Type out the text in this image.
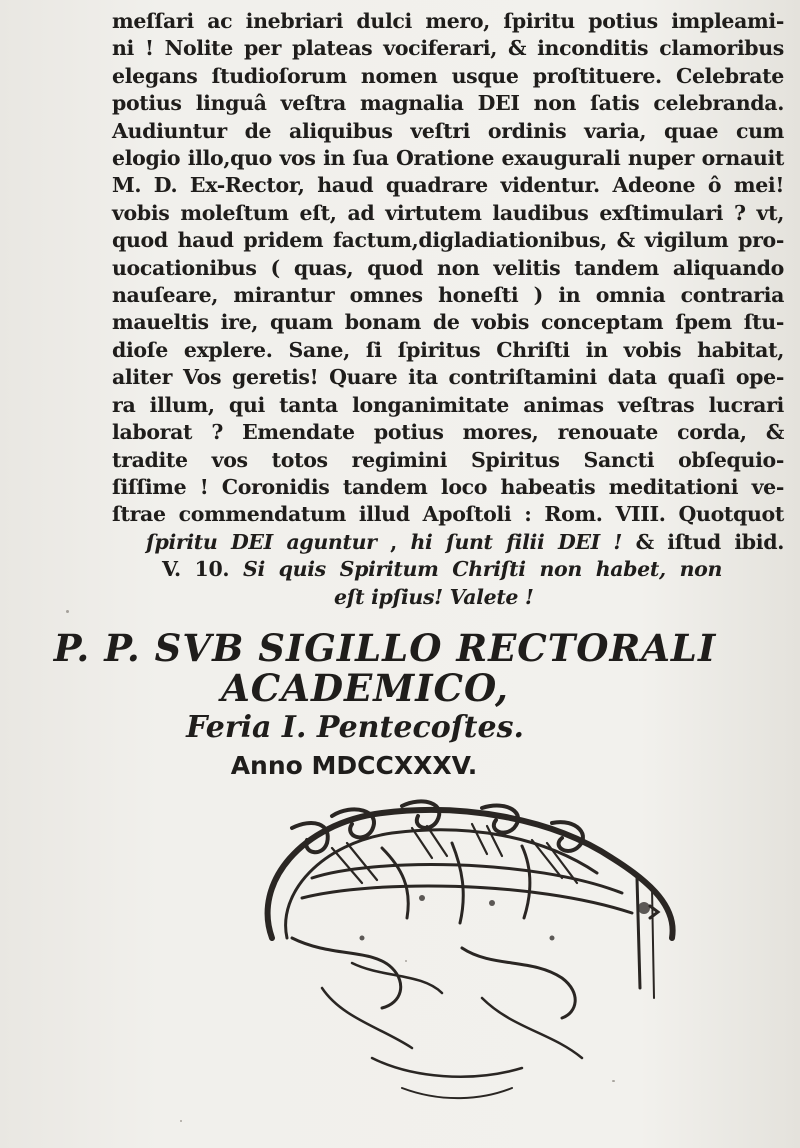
meſſari ac inebriari dulci mero, ſpiritu potius impleami-
ni ! Nolite per plateas vociferari, & inconditis clamoribus
elegans ſtudioſorum nomen usque proſtituere. Celebrate
potius linguâ veſtra magnalia DEI non ſatis celebranda.
Audiuntur de aliquibus veſtri ordinis varia, quae cum
elogio illo,quo vos in ſua Oratione exaugurali nuper ornauit
M. D. Ex-Rector, haud quadrare videntur. Adeone ô mei!
vobis moleſtum eſt, ad virtutem laudibus exſtimulari ? vt,
quod haud pridem factum,digladiationibus, & vigilum pro-
uocationibus ( quas, quod non velitis tandem aliquando
nauſeare, mirantur omnes honeſti ) in omnia contraria
maueltis ire, quam bonam de vobis conceptam ſpem ſtu-
dioſe explere. Sane, ſi ſpiritus Chriſti in vobis habitat,
aliter Vos geretis! Quare ita contriſtamini data quaſi ope-
ra illum, qui tanta longanimitate animas veſtras lucrari
laborat ? Emendate potius mores, renouate corda, &
tradite vos totos regimini Spiritus Sancti obſequio-
ſiſſime ! Coronidis tandem loco habeatis meditationi ve-
ſtrae commendatum illud Apoſtoli : Rom. VIII. Quotquot
ſpiritu DEI aguntur , hi ſunt filii DEI ! & iſtud ibid.
V. 10. Si quis Spiritum Chriſti non habet, non
eſt ipſius! Valete !
P. P. SVB SIGILLO RECTORALI
ACADEMICO,
Feria I. Pentecoſtes.
Anno MDCCXXXV.
